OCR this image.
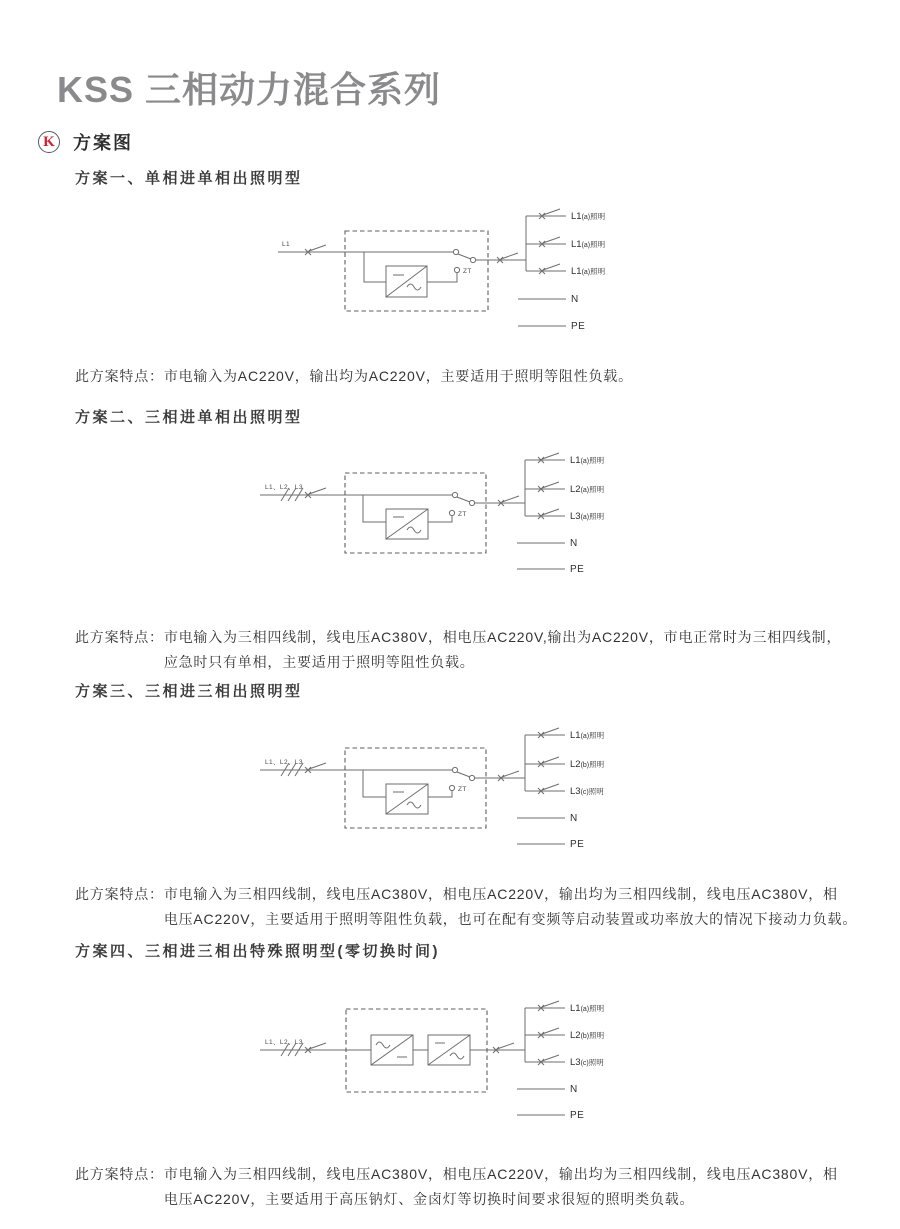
KSS 三相动力混合系列
K 方案图
方案一、单相进单相出照明型
L1
ZT
L1(a)照明
L1(a)照明
L1(a)照明
N
PE

此方案特点： 市电输入为AC220V，输出均为AC220V，主要适用于照明等阻性负载。

方案二、三相进单相出照明型
L1、L2、L3
ZT
L1(a)照明
L2(a)照明
L3(a)照明
N
PE

此方案特点： 市电输入为三相四线制，线电压AC380V，相电压AC220V,输出为AC220V，市电正常时为三相四线制，
应急时只有单相，主要适用于照明等阻性负载。

方案三、三相进三相出照明型
L1、L2、L3
ZT
L1(a)照明
L2(b)照明
L3(c)照明
N
PE

此方案特点： 市电输入为三相四线制，线电压AC380V，相电压AC220V，输出均为三相四线制，线电压AC380V，相
电压AC220V，主要适用于照明等阻性负载，也可在配有变频等启动装置或功率放大的情况下接动力负载。

方案四、三相进三相出特殊照明型(零切换时间)
L1、L2、L3
L1(a)照明
L2(b)照明
L3(c)照明
N
PE

此方案特点： 市电输入为三相四线制，线电压AC380V，相电压AC220V，输出均为三相四线制，线电压AC380V，相
电压AC220V，主要适用于高压钠灯、金卤灯等切换时间要求很短的照明类负载。
